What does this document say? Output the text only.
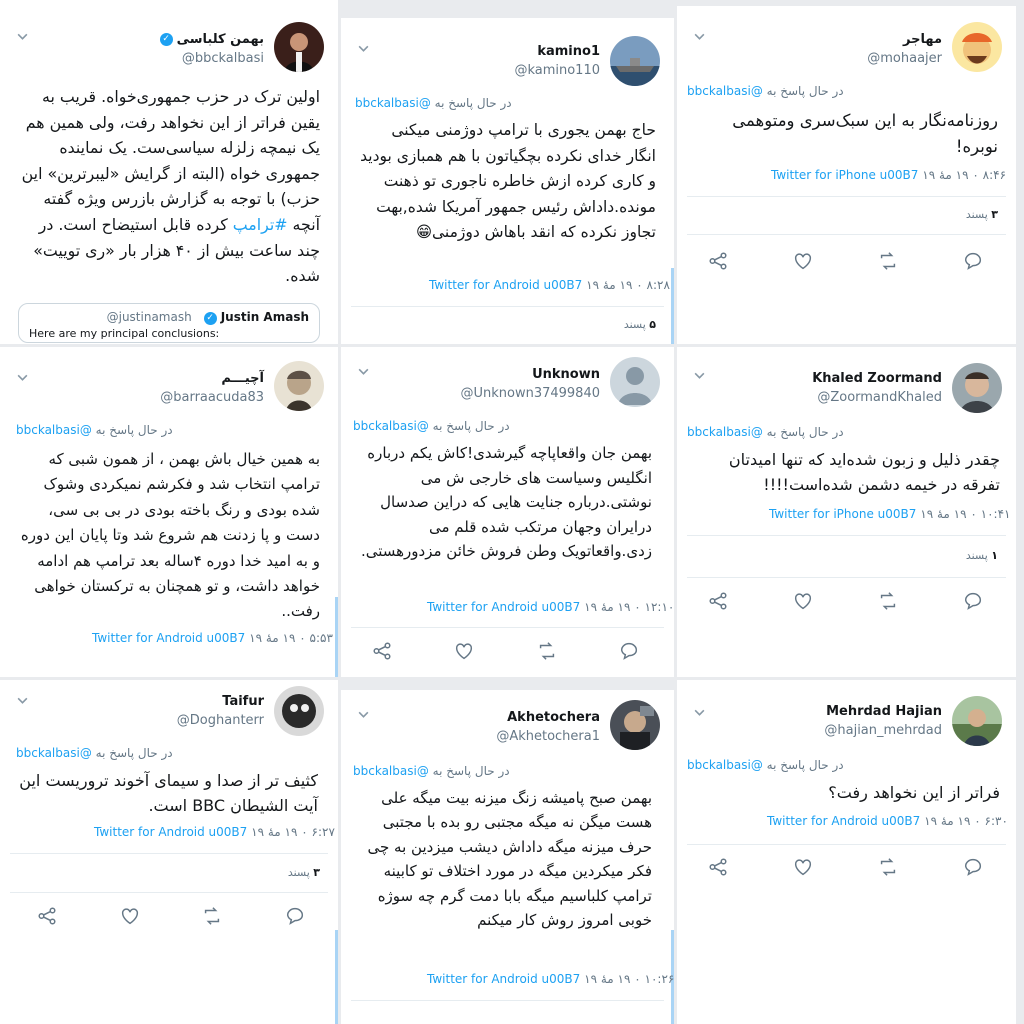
بهمن کلباسی
✓
@bbckalbasi
اولین ترک در حزب جمهوری‌خواه. قریب به یقین فراتر از این نخواهد رفت، ولی همین هم یک نیمچه زلزله سیاسی‌ست. یک نماینده جمهوری خواه (البته از گرایش «لیبرترین» این حزب) با توجه به گزارش بازرس ویژه گفته آنچه #ترامپ کرده قابل استیضاح است. در چند ساعت بیش از ۴۰ هزار بار «ری توییت» شده.
Justin Amash
✓
@justinamash
Here are my principal conclusions:
kamino1
@kamino110
در حال پاسخ به @bbckalbasi
حاج بهمن یجوری با ترامپ دوژمنی میکنی انگار خدای نکرده بچگیاتون با هم همبازی بودید و کاری کرده ازش خاطره ناجوری تو ذهنت مونده.داداش رئیس جمهور آمریکا شده,بهت تجاوز نکرده که انقد باهاش دوژمنی😁
۸:۲۸ ۰ ۱۹ مهٔ ۱۹ Twitter for Android u00B7
۵ پسند
مهاجر
@mohaajer
در حال پاسخ به @bbckalbasi
روزنامه‌نگار به این سبک‌سری ومتوهمی نوبره!
۸:۴۶ ۰ ۱۹ مهٔ ۱۹ Twitter for iPhone u00B7
۳ پسند
آچیـــم
@barraacuda83
در حال پاسخ به @bbckalbasi
به همین خیال باش بهمن ، از همون شبی که ترامپ انتخاب شد و فکرشم نمیکردی وشوک شده بودی و رنگ باخته بودی در بی بی سی، دست و پا زدنت هم شروع شد وتا پایان این دوره و به امید خدا دوره ۴ساله بعد ترامپ هم ادامه خواهد داشت، و تو همچنان به ترکستان خواهی رفت..
۵:۵۳ ۰ ۱۹ مهٔ ۱۹ Twitter for Android u00B7
Unknown
@Unknown37499840
در حال پاسخ به @bbckalbasi
بهمن جان واقعاپاچه گیرشدی!کاش یکم درباره انگلیس وسیاست های خارجی ش می نوشتی.درباره جنایت هایی که دراین صدسال درایران وجهان مرتکب شده قلم می زدی.واقعاتویک وطن فروش خائن مزدورهستی.
۱۲:۱۰ ۰ ۱۹ مهٔ ۱۹ Twitter for Android u00B7
Khaled Zoormand
@ZoormandKhaled
در حال پاسخ به @bbckalbasi
چقدر ذلیل و زبون شده‌اید که تنها امیدتان تفرقه در خیمه دشمن شده‌است!!!!
۱۰:۴۱ ۰ ۱۹ مهٔ ۱۹ Twitter for iPhone u00B7
۱ پسند
Taifur
@Doghanterr
در حال پاسخ به @bbckalbasi
کثیف تر از صدا و سیمای آخوند تروریست این آیت الشیطان BBC است.
۶:۲۷ ۰ ۱۹ مهٔ ۱۹ Twitter for Android u00B7
۳ پسند
Akhetochera
@Akhetochera1
در حال پاسخ به @bbckalbasi
بهمن صبح پامیشه زنگ میزنه بیت میگه علی هست میگن نه میگه مجتبی رو بده با مجتبی حرف میزنه میگه داداش دیشب میزدین به چی فکر میکردین میگه در مورد اختلاف تو کابینه ترامپ کلباسیم میگه بابا دمت گرم چه سوژه خوبی امروز روش کار میکنم
۱۰:۲۶ ۰ ۱۹ مهٔ ۱۹ Twitter for Android u00B7
Mehrdad Hajian
@hajian_mehrdad
در حال پاسخ به @bbckalbasi
فراتر از این نخواهد رفت؟
۶:۳۰ ۰ ۱۹ مهٔ ۱۹ Twitter for Android u00B7
